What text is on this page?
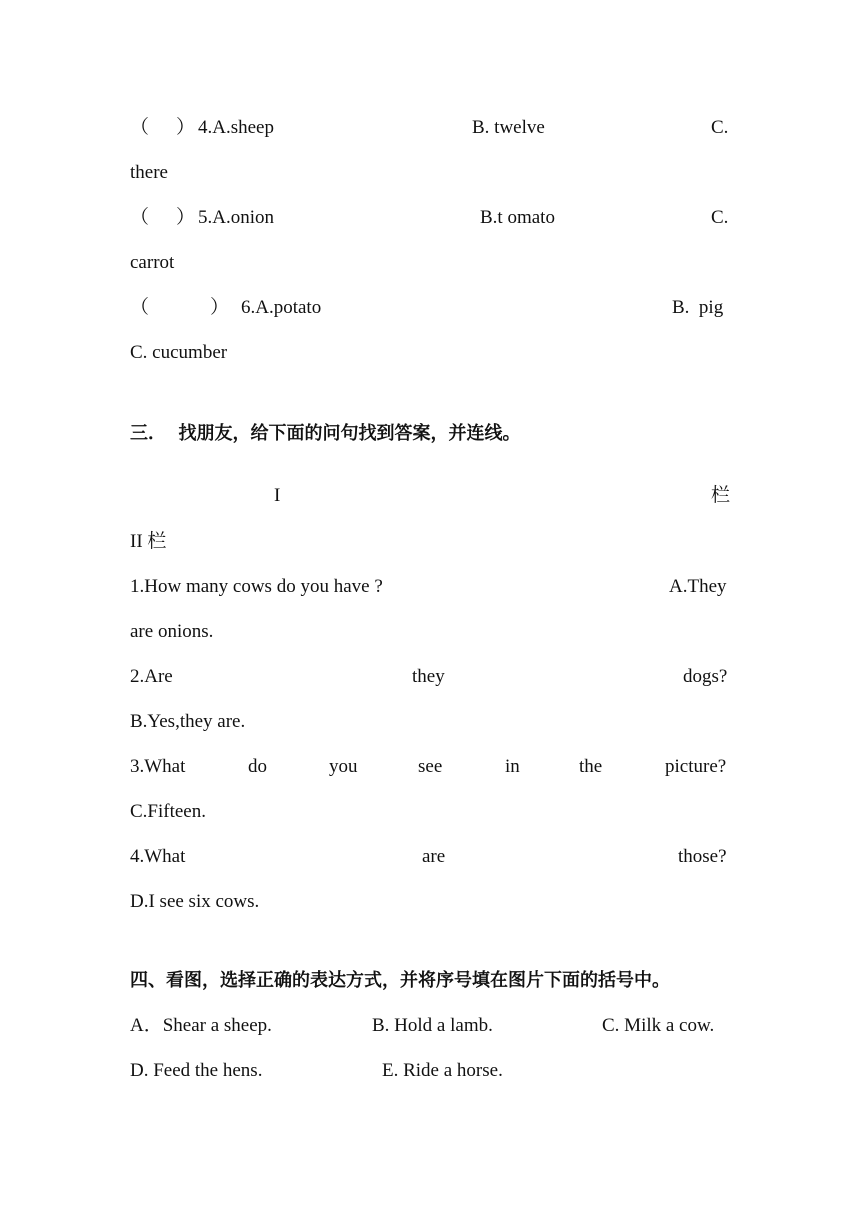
（ ） 4.A.sheep	B. twelve	C.
there
（ ） 5.A.onion	B.t omato	C.
carrot
（	） 6.A.potato	B.  pig
C. cucumber
三．  找朋友，给下面的问句找到答案，并连线。
I	栏
II 栏
1.How many cows do you have ?	A.They
are onions.
2.Are	they	dogs?
B.Yes,they are.
3.What	do	you	see	in	the	picture?
C.Fifteen.
4.What	are	those?
D.I see six cows.
四、看图，选择正确的表达方式，并将序号填在图片下面的括号中。
A．Shear a sheep.	B. Hold a lamb.	C. Milk a cow.
D. Feed the hens.	E. Ride a horse.
